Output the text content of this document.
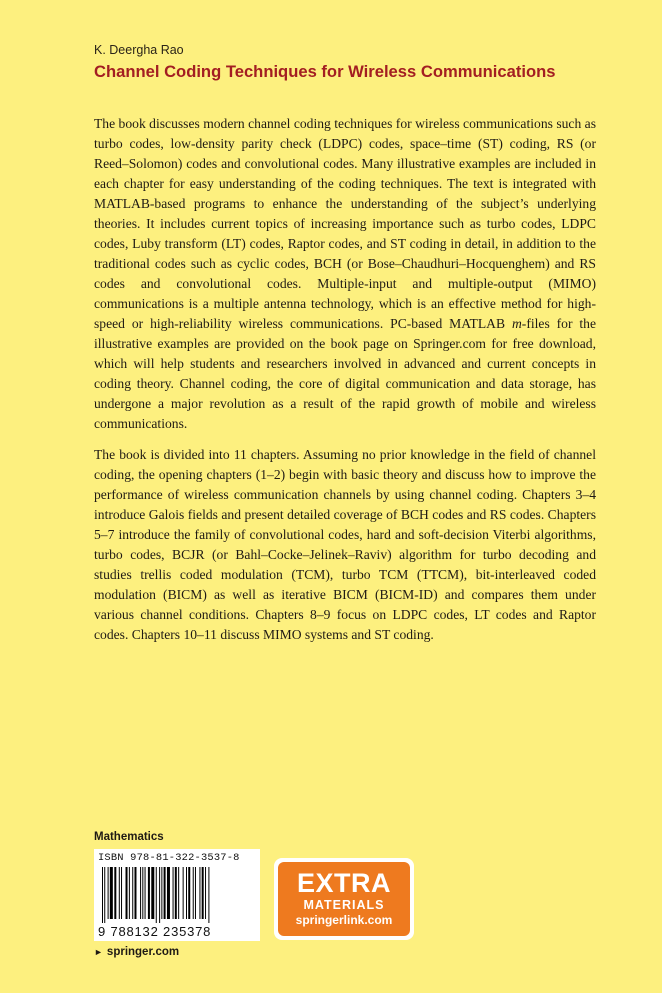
K. Deergha Rao
Channel Coding Techniques for Wireless Communications

The book discusses modern channel coding techniques for wireless communications such as turbo codes, low-density parity check (LDPC) codes, space–time (ST) coding, RS (or Reed–Solomon) codes and convolutional codes. Many illustrative examples are included in each chapter for easy understanding of the coding techniques. The text is integrated with MATLAB-based programs to enhance the understanding of the subject’s underlying theories. It includes current topics of increasing importance such as turbo codes, LDPC codes, Luby transform (LT) codes, Raptor codes, and ST coding in detail, in addition to the traditional codes such as cyclic codes, BCH (or Bose–Chaudhuri–Hocquenghem) and RS codes and convolutional codes. Multiple-input and multiple-output (MIMO) communications is a multiple antenna technology, which is an effective method for high-speed or high-reliability wireless communications. PC-based MATLAB m-files for the illustrative examples are provided on the book page on Springer.com for free download, which will help students and researchers involved in advanced and current concepts in coding theory. Channel coding, the core of digital communication and data storage, has undergone a major revolution as a result of the rapid growth of mobile and wireless communications.

The book is divided into 11 chapters. Assuming no prior knowledge in the field of channel coding, the opening chapters (1–2) begin with basic theory and discuss how to improve the performance of wireless communication channels by using channel coding. Chapters 3–4 introduce Galois fields and present detailed coverage of BCH codes and RS codes. Chapters 5–7 introduce the family of convolutional codes, hard and soft-decision Viterbi algorithms, turbo codes, BCJR (or Bahl–Cocke–Jelinek–Raviv) algorithm for turbo decoding and studies trellis coded modulation (TCM), turbo TCM (TTCM), bit-interleaved coded modulation (BICM) as well as iterative BICM (BICM-ID) and compares them under various channel conditions. Chapters 8–9 focus on LDPC codes, LT codes and Raptor codes. Chapters 10–11 discuss MIMO systems and ST coding.

Mathematics
ISBN 978-81-322-3537-8
9 788132 235378
EXTRA
MATERIALS
springerlink.com
► springer.com
